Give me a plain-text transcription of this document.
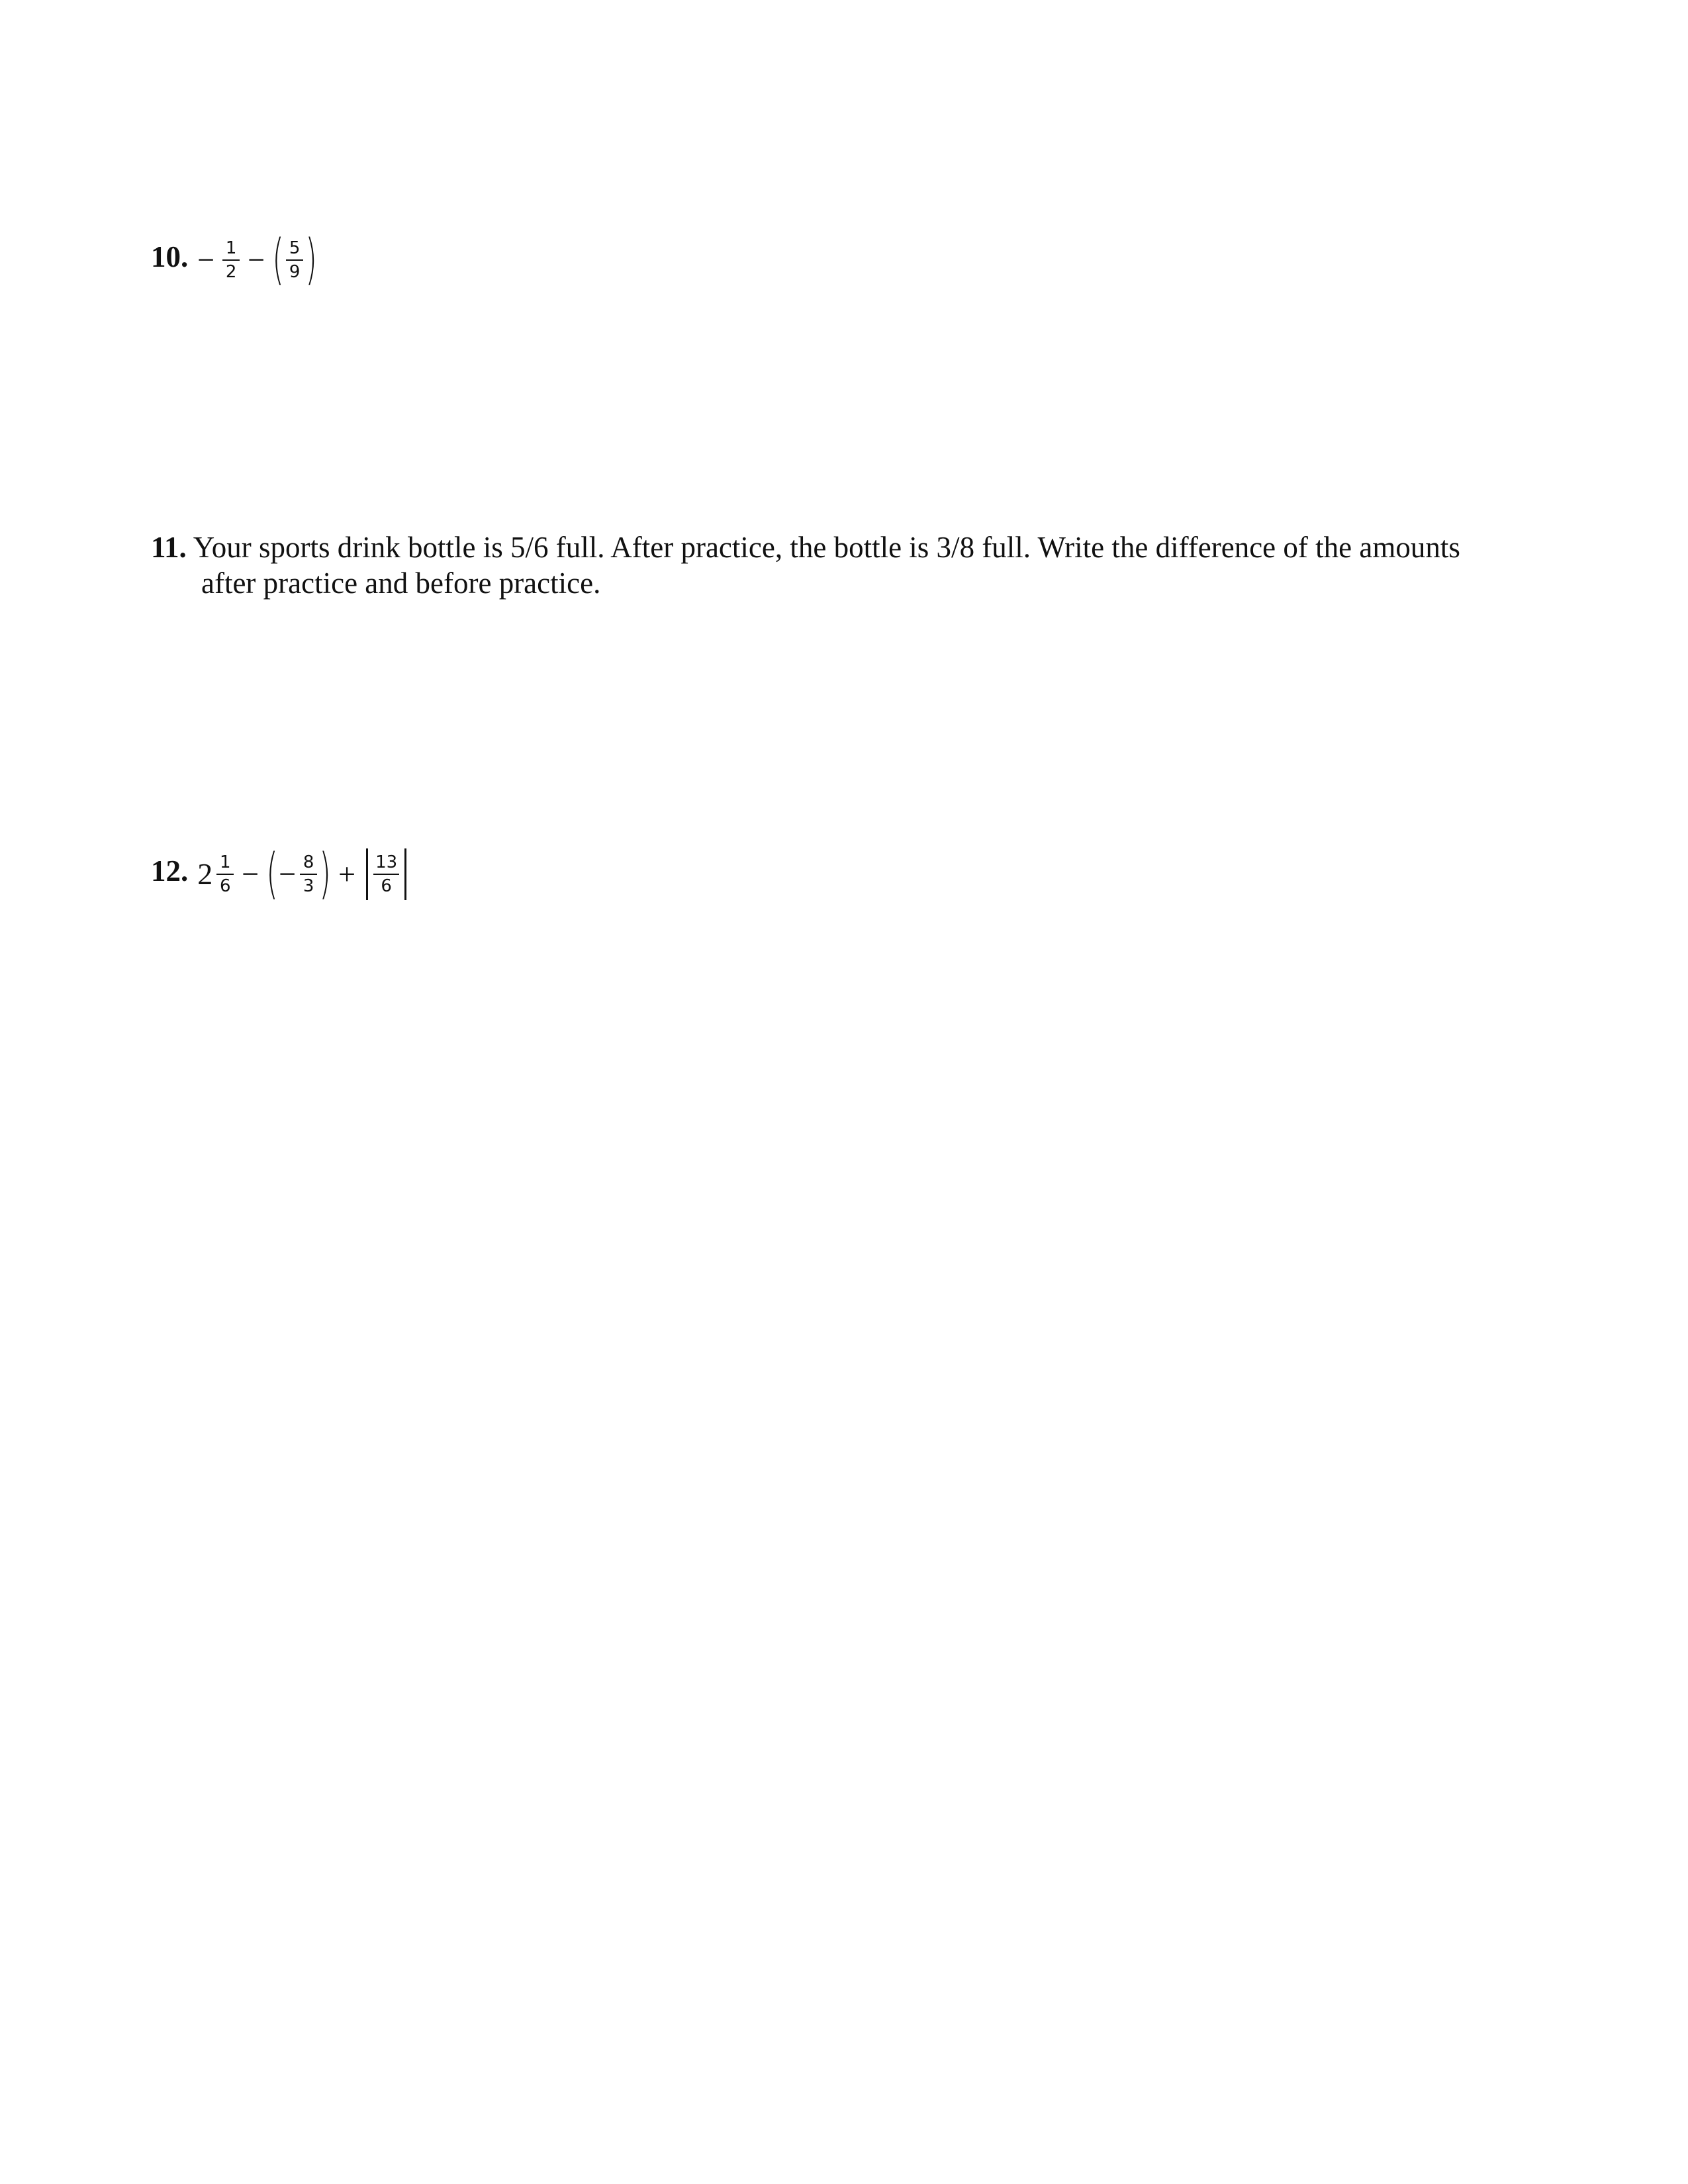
10. − $\frac{1}{2}$ − ( $\frac{5}{9}$ )
11. Your sports drink bottle is 5/6 full. After practice, the bottle is 3/8 full. Write the difference of the amounts
after practice and before practice.
12. $2 \frac{1}{6}$ − ( − $\frac{8}{3}$ ) + $\frac{13}{6}$
